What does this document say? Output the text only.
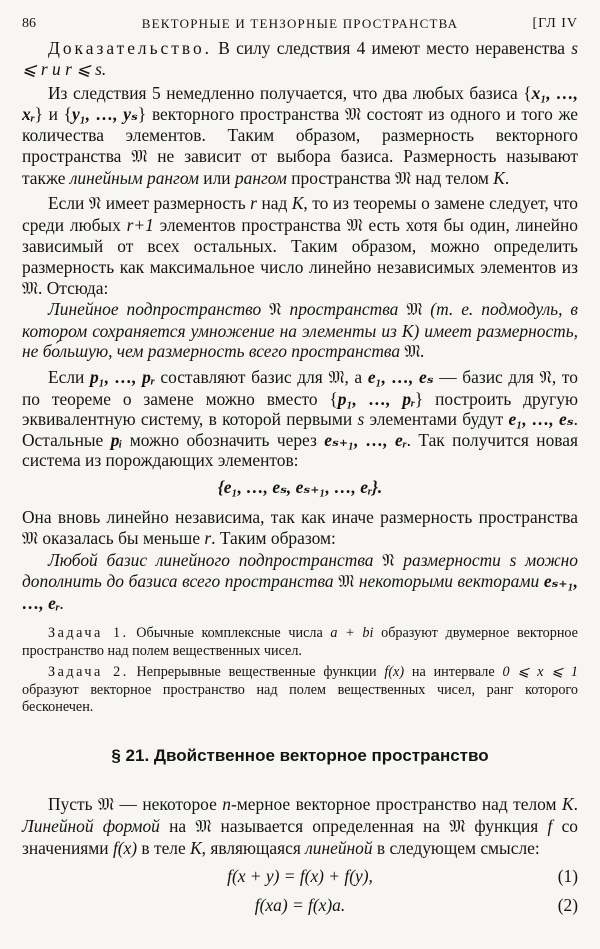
86	ВЕКТОРНЫЕ И ТЕНЗОРНЫЕ ПРОСТРАНСТВА	[ГЛ IV

Доказательство. В силу следствия 4 имеют место неравенства s ⩽ r и r ⩽ s.

Из следствия 5 немедленно получается, что два любых базиса {x₁, …, xᵣ} и {y₁, …, yₛ} векторного пространства 𝔐 состоят из одного и того же количества элементов. Таким образом, размерность векторного пространства 𝔐 не зависит от выбора базиса. Размерность называют также линейным рангом или рангом пространства 𝔐 над телом K.

Если 𝔑 имеет размерность r над K, то из теоремы о замене следует, что среди любых r+1 элементов пространства 𝔐 есть хотя бы один, линейно зависимый от всех остальных. Таким образом, можно определить размерность как максимальное число линейно независимых элементов из 𝔐. Отсюда:

Линейное подпространство 𝔑 пространства 𝔐 (т. е. подмодуль, в котором сохраняется умножение на элементы из K) имеет размерность, не бо́льшую, чем размерность всего пространства 𝔐.

Если p₁, …, pᵣ составляют базис для 𝔐, а e₁, …, eₛ — базис для 𝔑, то по теореме о замене можно вместо {p₁, …, pᵣ} построить другую эквивалентную систему, в которой первыми s элементами будут e₁, …, eₛ. Остальные pᵢ можно обозначить через eₛ₊₁, …, eᵣ. Так получится новая система из порождающих элементов:

{e₁, …, eₛ, eₛ₊₁, …, eᵣ}.

Она вновь линейно независима, так как иначе размерность пространства 𝔐 оказалась бы меньше r. Таким образом:

Любой базис линейного подпространства 𝔑 размерности s можно дополнить до базиса всего пространства 𝔐 некоторыми векторами eₛ₊₁, …, eᵣ.

Задача 1. Обычные комплексные числа a + bi образуют двумерное векторное пространство над полем вещественных чисел.

Задача 2. Непрерывные вещественные функции f(x) на интервале 0 ⩽ x ⩽ 1 образуют векторное пространство над полем вещественных чисел, ранг которого бесконечен.

§ 21. Двойственное векторное пространство

Пусть 𝔐 — некоторое n-мерное векторное пространство над телом K. Линейной формой на 𝔐 называется определенная на 𝔐 функция f со значениями f(x) в теле K, являющаяся линейной в следующем смысле:

f(x + y) = f(x) + f(y),	(1)
f(xa) = f(x)a.	(2)
